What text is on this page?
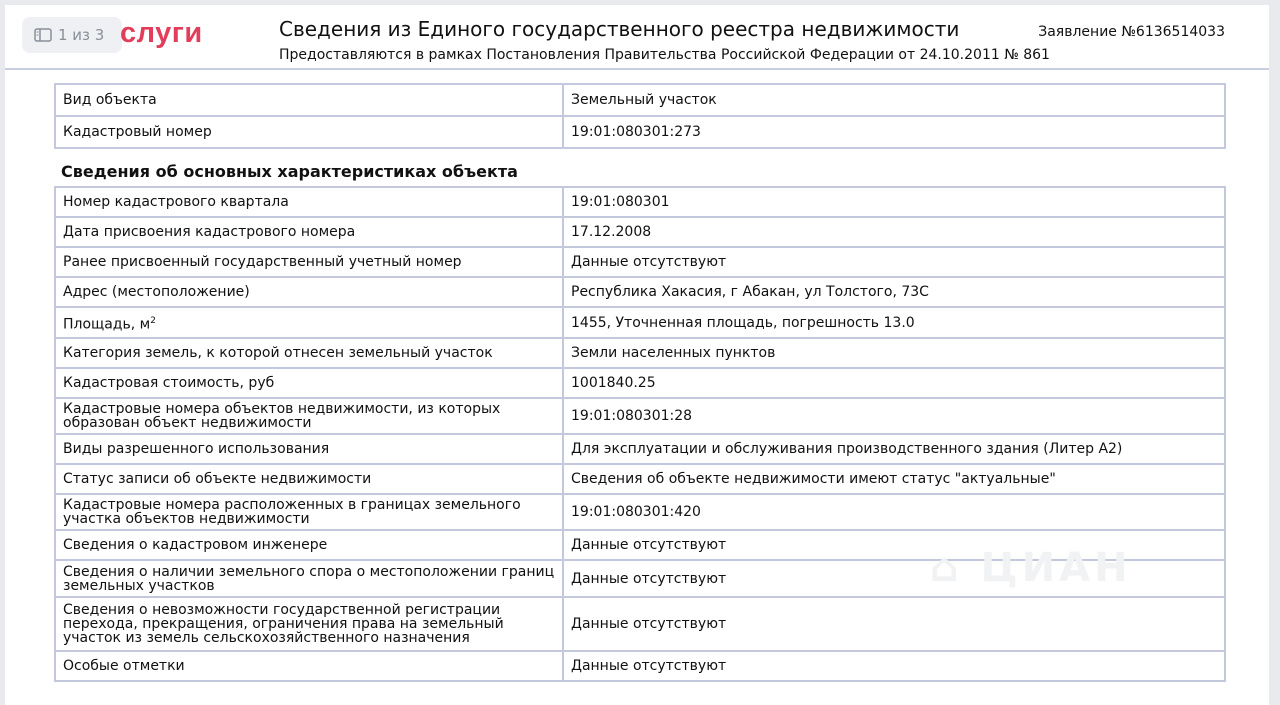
1 из 3 слуги	Сведения из Единого государственного реестра недвижимости
Предоставляются в рамках Постановления Правительства Российской Федерации от 24.10.2011 № 861
Заявление №6136514033
Вид объекта	Земельный участок
Кадастровый номер	19:01:080301:273
Сведения об основных характеристиках объекта
Номер кадастрового квартала	19:01:080301
Дата присвоения кадастрового номера	17.12.2008
Ранее присвоенный государственный учетный номер	Данные отсутствуют
Адрес (местоположение)	Республика Хакасия, г Абакан, ул Толстого, 73С
Площадь, $м^2$	1455, Уточненная площадь, погрешность 13.0
Категория земель, к которой отнесен земельный участок	Земли населенных пунктов
Кадастровая стоимость, руб	1001840.25
Кадастровые номера объектов недвижимости, из которых образован объект недвижимости	19:01:080301:28
Виды разрешенного использования	Для эксплуатации и обслуживания производственного здания (Литер А2)
Статус записи об объекте недвижимости	Сведения об объекте недвижимости имеют статус "актуальные"
Кадастровые номера расположенных в границах земельного участка объектов недвижимости	19:01:080301:420
Сведения о кадастровом инженере	Данные отсутствуют
Сведения о наличии земельного спора о местоположении границ земельных участков	Данные отсутствуют
Сведения о невозможности государственной регистрации перехода, прекращения, ограничения права на земельный участок из земель сельскохозяйственного назначения	Данные отсутствуют
Особые отметки	Данные отсутствуют
⌂ ЦИАН
